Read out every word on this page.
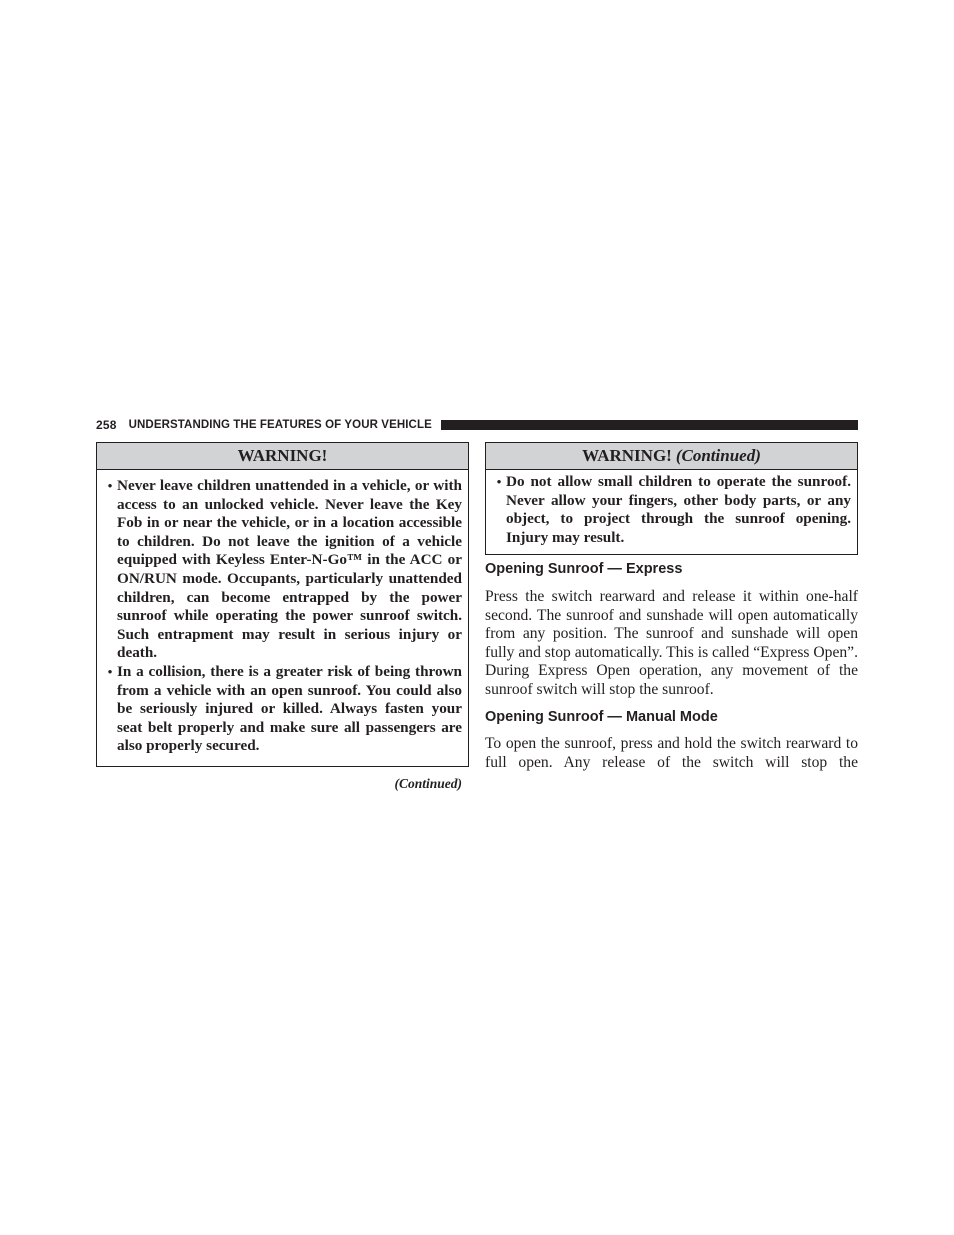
258 UNDERSTANDING THE FEATURES OF YOUR VEHICLE
WARNING!
• Never leave children unattended in a vehicle, or with access to an unlocked vehicle. Never leave the Key Fob in or near the vehicle, or in a location accessible to children. Do not leave the ignition of a vehicle equipped with Keyless Enter-N-Go™ in the ACC or ON/RUN mode. Occupants, particularly unattended children, can become entrapped by the power sunroof while operating the power sunroof switch. Such entrapment may result in serious injury or death.
• In a collision, there is a greater risk of being thrown from a vehicle with an open sunroof. You could also be seriously injured or killed. Always fasten your seat belt properly and make sure all passengers are also properly secured.
(Continued)
WARNING! (Continued)
• Do not allow small children to operate the sunroof. Never allow your fingers, other body parts, or any object, to project through the sunroof opening. Injury may result.
Opening Sunroof — Express
Press the switch rearward and release it within one-half second. The sunroof and sunshade will open automatically from any position. The sunroof and sunshade will open fully and stop automatically. This is called “Express Open”. During Express Open operation, any movement of the sunroof switch will stop the sunroof.
Opening Sunroof — Manual Mode
To open the sunroof, press and hold the switch rearward to full open. Any release of the switch will stop the
